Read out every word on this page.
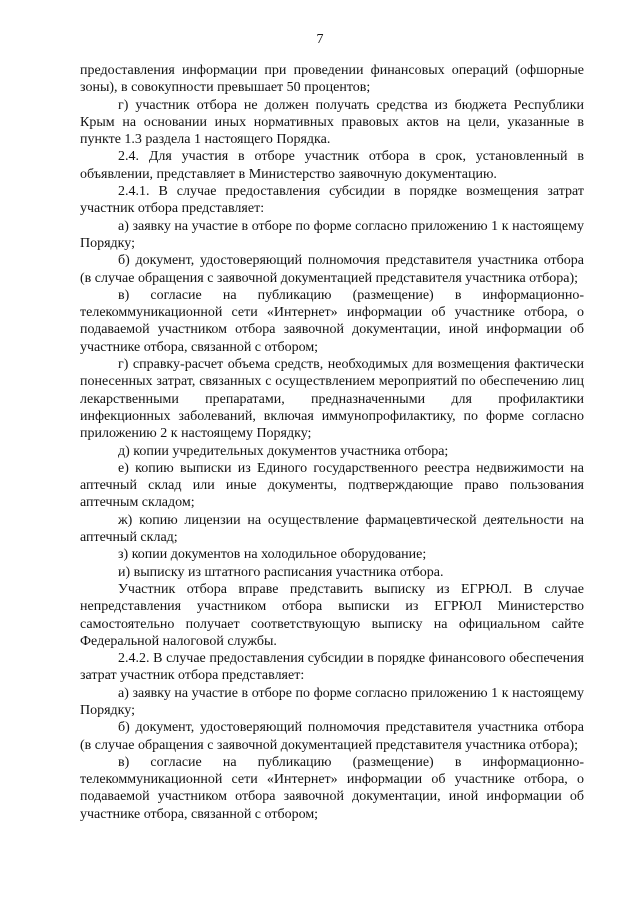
7

предоставления информации при проведении финансовых операций (офшорные зоны), в совокупности превышает 50 процентов;

г) участник отбора не должен получать средства из бюджета Республики Крым на основании иных нормативных правовых актов на цели, указанные в пункте 1.3 раздела 1 настоящего Порядка.

2.4. Для участия в отборе участник отбора в срок, установленный в объявлении, представляет в Министерство заявочную документацию.

2.4.1. В случае предоставления субсидии в порядке возмещения затрат участник отбора представляет:

а) заявку на участие в отборе по форме согласно приложению 1 к настоящему Порядку;

б) документ, удостоверяющий полномочия представителя участника отбора (в случае обращения с заявочной документацией представителя участника отбора);

в) согласие на публикацию (размещение) в информационно-телекоммуникационной сети «Интернет» информации об участнике отбора, о подаваемой участником отбора заявочной документации, иной информации об участнике отбора, связанной с отбором;

г) справку-расчет объема средств, необходимых для возмещения фактически понесенных затрат, связанных с осуществлением мероприятий по обеспечению лиц лекарственными препаратами, предназначенными для профилактики инфекционных заболеваний, включая иммунопрофилактику, по форме согласно приложению 2 к настоящему Порядку;

д) копии учредительных документов участника отбора;

е) копию выписки из Единого государственного реестра недвижимости на аптечный склад или иные документы, подтверждающие право пользования аптечным складом;

ж) копию лицензии на осуществление фармацевтической деятельности на аптечный склад;

з) копии документов на холодильное оборудование;

и) выписку из штатного расписания участника отбора.

Участник отбора вправе представить выписку из ЕГРЮЛ. В случае непредставления участником отбора выписки из ЕГРЮЛ Министерство самостоятельно получает соответствующую выписку на официальном сайте Федеральной налоговой службы.

2.4.2. В случае предоставления субсидии в порядке финансового обеспечения затрат участник отбора представляет:

а) заявку на участие в отборе по форме согласно приложению 1 к настоящему Порядку;

б) документ, удостоверяющий полномочия представителя участника отбора (в случае обращения с заявочной документацией представителя участника отбора);

в) согласие на публикацию (размещение) в информационно-телекоммуникационной сети «Интернет» информации об участнике отбора, о подаваемой участником отбора заявочной документации, иной информации об участнике отбора, связанной с отбором;
